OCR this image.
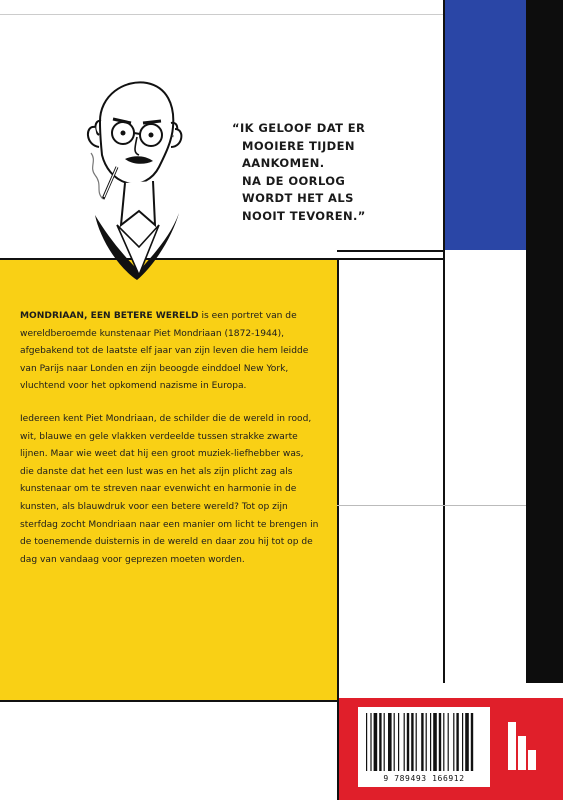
“IK GELOOF DAT ER
MOOIERE TIJDEN
AANKOMEN.
NA DE OORLOG
WORDT HET ALS
NOOIT TEVOREN.”

MONDRIAAN, EEN BETERE WERELD is een portret van de wereldberoemde kunstenaar Piet Mondriaan (1872-1944), afgebakend tot de laatste elf jaar van zijn leven die hem leidde van Parijs naar Londen en zijn beoogde einddoel New York, vluchtend voor het opkomend nazisme in Europa.

Iedereen kent Piet Mondriaan, de schilder die de wereld in rood, wit, blauwe en gele vlakken verdeelde tussen strakke zwarte lijnen. Maar wie weet dat hij een groot muziek-liefhebber was, die danste dat het een lust was en het als zijn plicht zag als kunstenaar om te streven naar evenwicht en harmonie in de kunsten, als blauwdruk voor een betere wereld? Tot op zijn sterfdag zocht Mondriaan naar een manier om licht te brengen in de toenemende duisternis in de wereld en daar zou hij tot op de dag van vandaag voor geprezen moeten worden.

9 789493 166912
